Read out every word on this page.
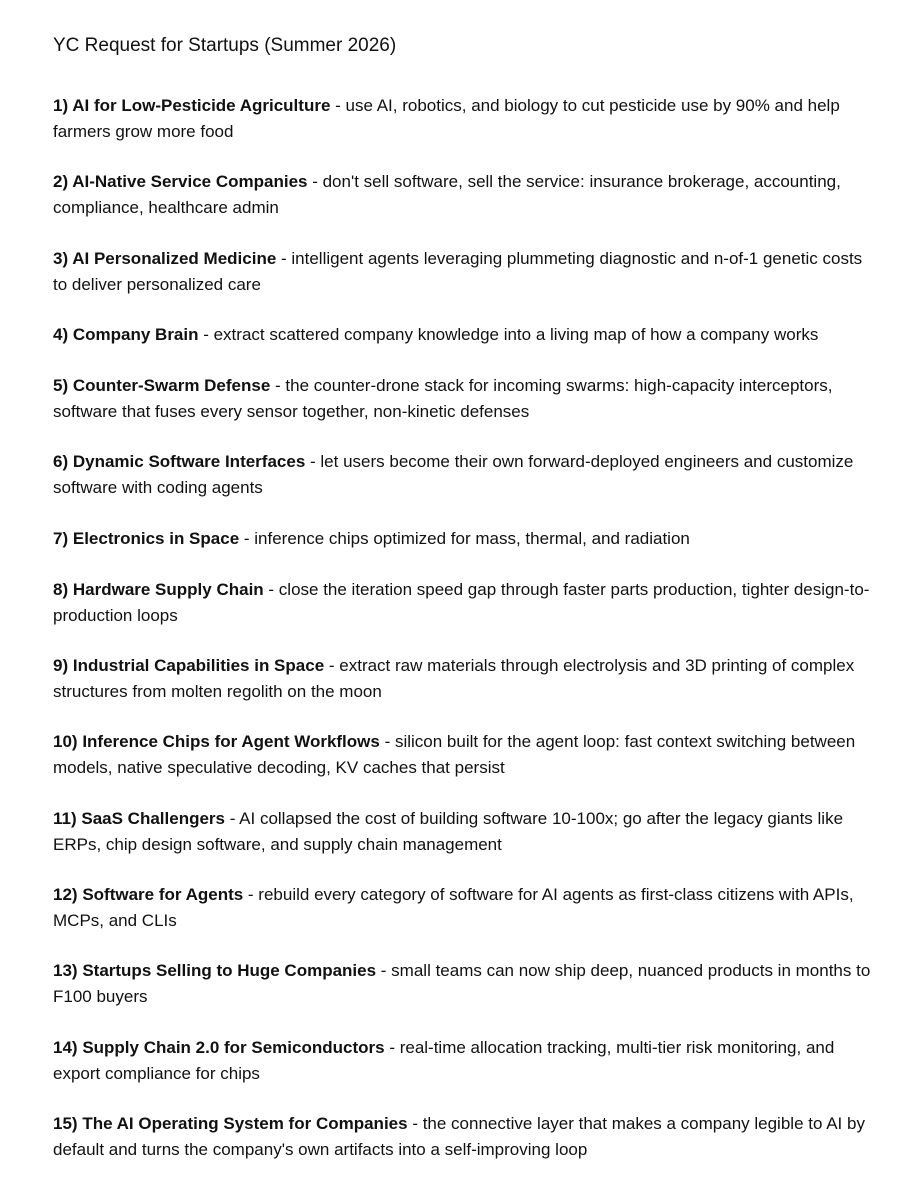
YC Request for Startups (Summer 2026)
1) AI for Low-Pesticide Agriculture - use AI, robotics, and biology to cut pesticide use by 90% and help farmers grow more food
2) AI-Native Service Companies - don't sell software, sell the service: insurance brokerage, accounting, compliance, healthcare admin
3) AI Personalized Medicine - intelligent agents leveraging plummeting diagnostic and n-of-1 genetic costs to deliver personalized care
4) Company Brain - extract scattered company knowledge into a living map of how a company works
5) Counter-Swarm Defense - the counter-drone stack for incoming swarms: high-capacity interceptors, software that fuses every sensor together, non-kinetic defenses
6) Dynamic Software Interfaces - let users become their own forward-deployed engineers and customize software with coding agents
7) Electronics in Space - inference chips optimized for mass, thermal, and radiation
8) Hardware Supply Chain - close the iteration speed gap through faster parts production, tighter design-to-production loops
9) Industrial Capabilities in Space - extract raw materials through electrolysis and 3D printing of complex structures from molten regolith on the moon
10) Inference Chips for Agent Workflows - silicon built for the agent loop: fast context switching between models, native speculative decoding, KV caches that persist
11) SaaS Challengers - AI collapsed the cost of building software 10-100x; go after the legacy giants like ERPs, chip design software, and supply chain management
12) Software for Agents - rebuild every category of software for AI agents as first-class citizens with APIs, MCPs, and CLIs
13) Startups Selling to Huge Companies - small teams can now ship deep, nuanced products in months to F100 buyers
14) Supply Chain 2.0 for Semiconductors - real-time allocation tracking, multi-tier risk monitoring, and export compliance for chips
15) The AI Operating System for Companies - the connective layer that makes a company legible to AI by default and turns the company's own artifacts into a self-improving loop
